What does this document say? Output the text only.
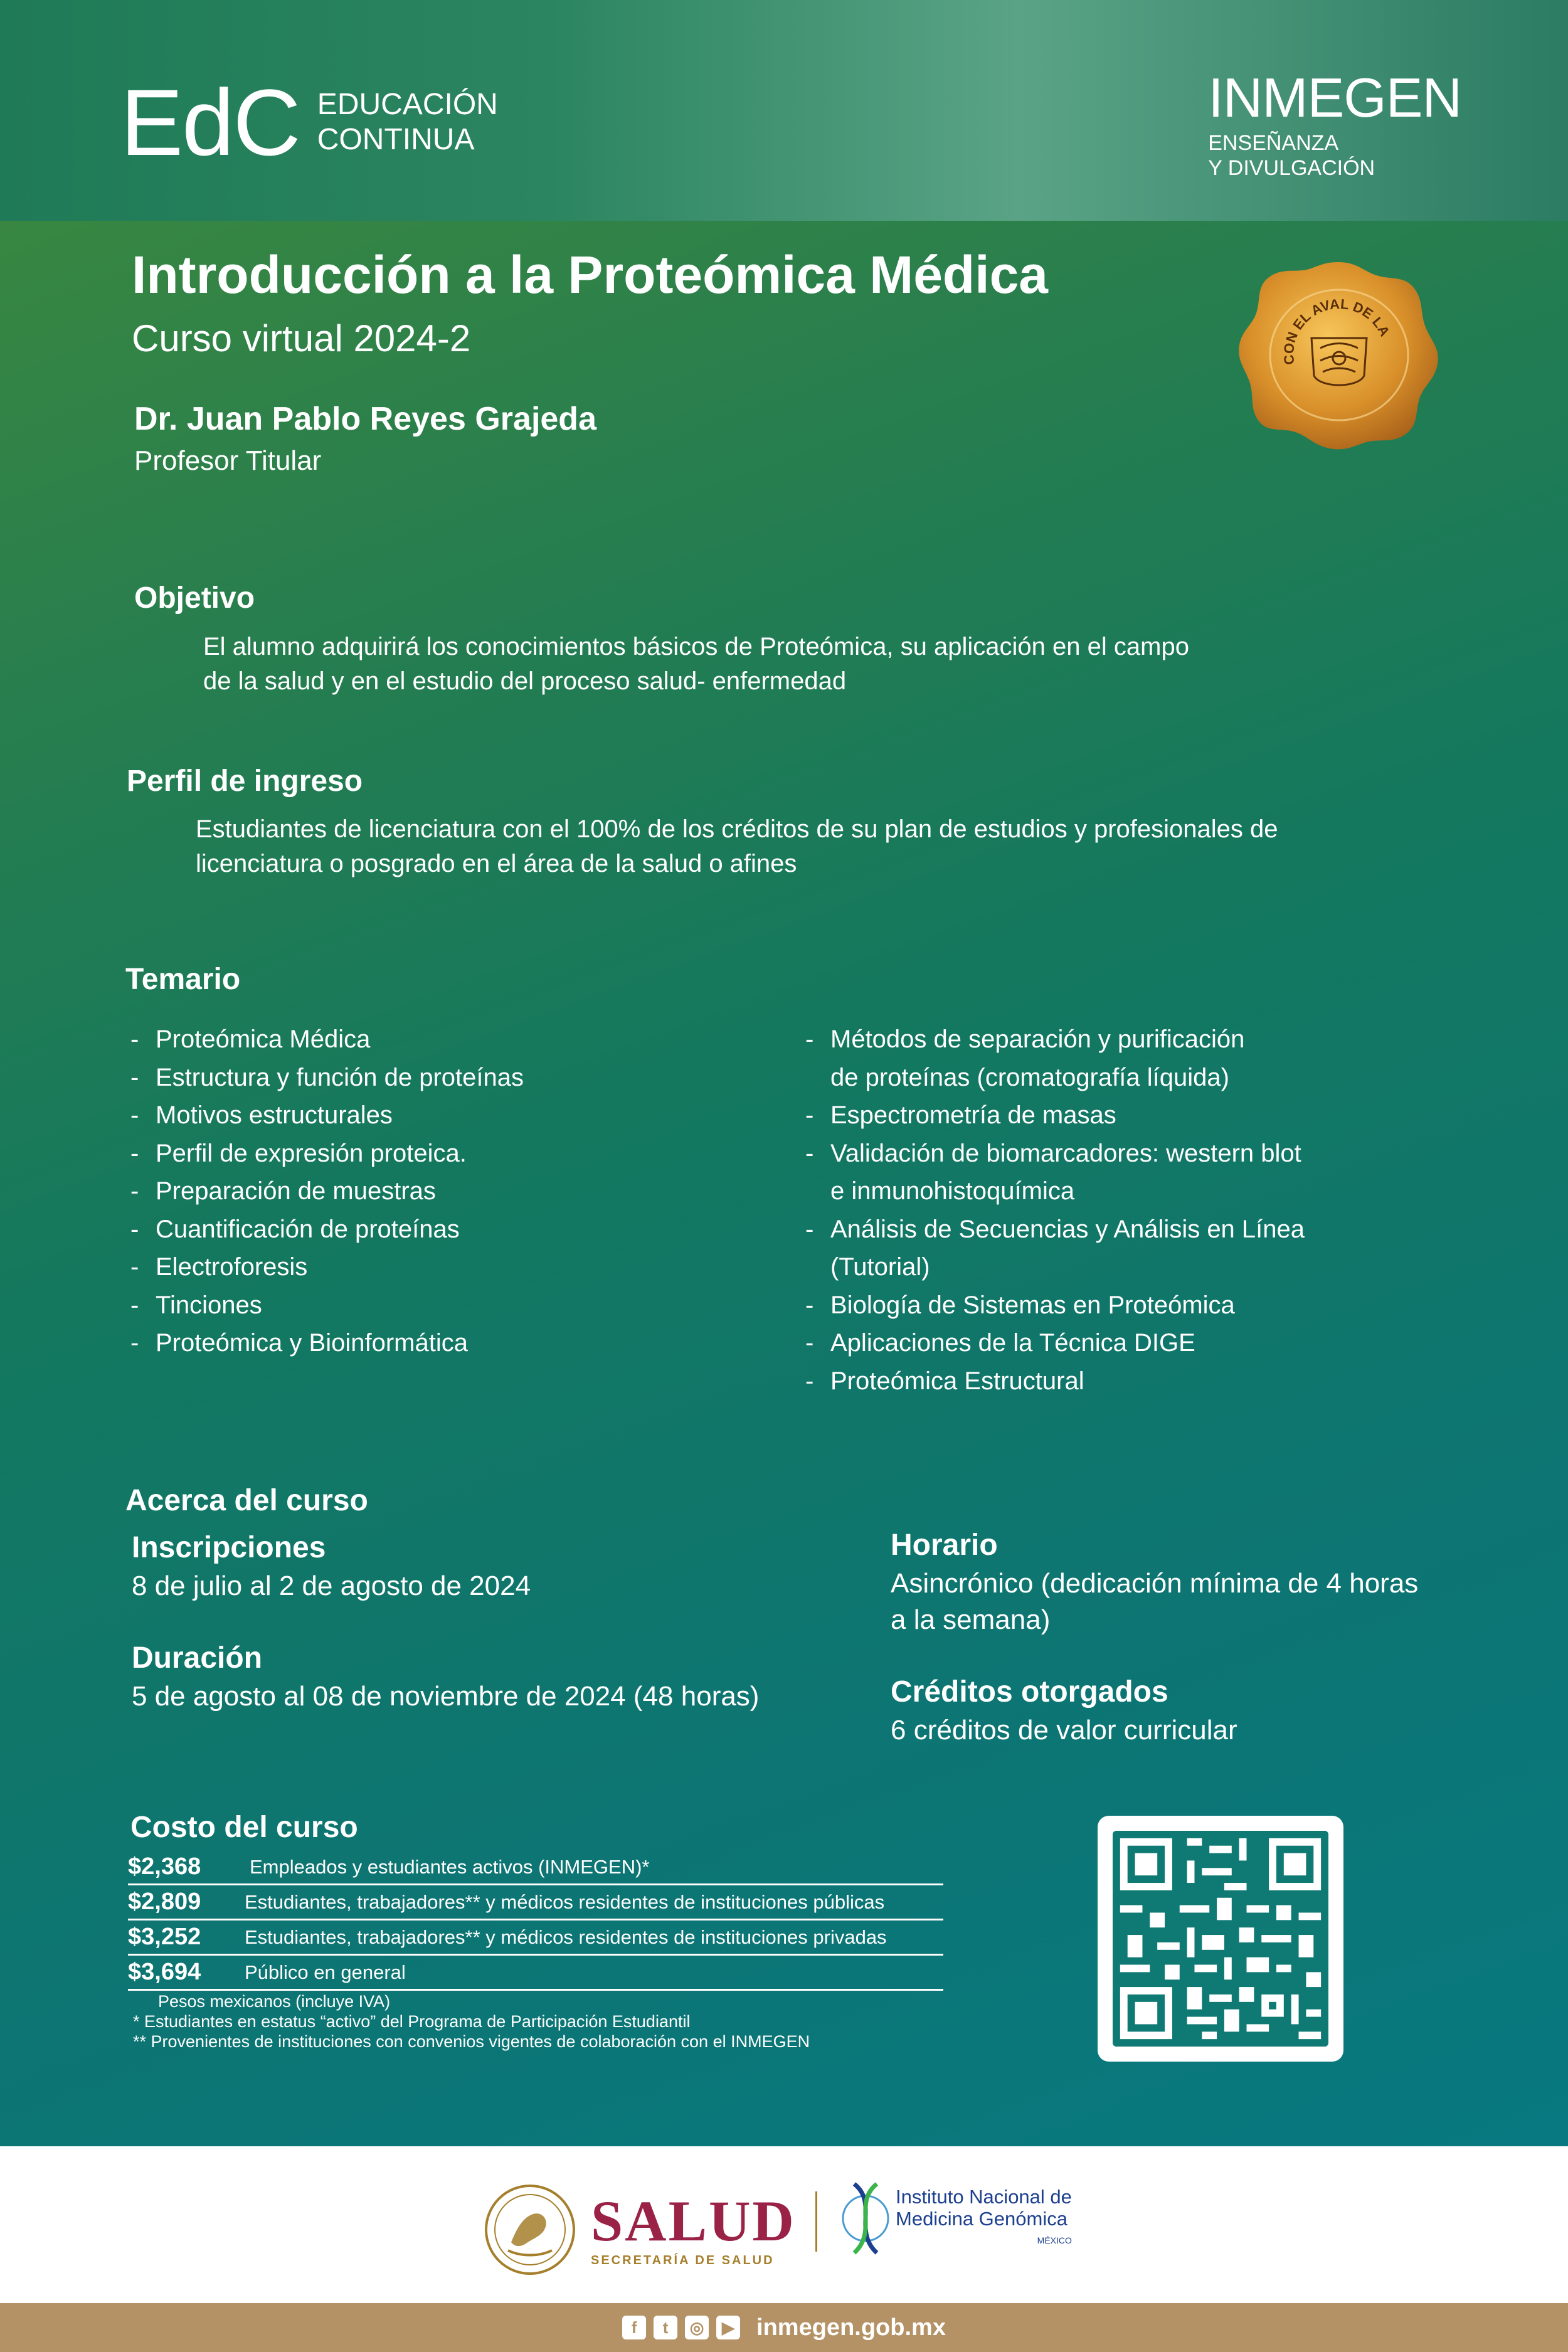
EdC EDUCACIÓN
CONTINUA
INMEGEN
ENSEÑANZA
Y DIVULGACIÓN
Introducción a la Proteómica Médica
Curso virtual 2024-2
Dr. Juan Pablo Reyes Grajeda
Profesor Titular
CON EL AVAL DE LA
Objetivo
El alumno adquirirá los conocimientos básicos de Proteómica, su aplicación en el campo
de la salud y en el estudio del proceso salud- enfermedad
Perfil de ingreso
Estudiantes de licenciatura con el 100% de los créditos de su plan de estudios y profesionales de
licenciatura o posgrado en el área de la salud o afines
Temario
- Proteómica Médica
- Estructura y función de proteínas
- Motivos estructurales
- Perfil de expresión proteica.
- Preparación de muestras
- Cuantificación de proteínas
- Electroforesis
- Tinciones
- Proteómica y Bioinformática
- Métodos de separación y purificación
de proteínas (cromatografía líquida)
- Espectrometría de masas
- Validación de biomarcadores: western blot
e inmunohistoquímica
- Análisis de Secuencias y Análisis en Línea
(Tutorial)
- Biología de Sistemas en Proteómica
- Aplicaciones de la Técnica DIGE
- Proteómica Estructural
Acerca del curso
Inscripciones
8 de julio al 2 de agosto de 2024
Duración
5 de agosto al 08 de noviembre de 2024 (48 horas)
Horario
Asincrónico (dedicación mínima de 4 horas
a la semana)
Créditos otorgados
6 créditos de valor curricular
Costo del curso
$2,368	Empleados y estudiantes activos (INMEGEN)*
$2,809	Estudiantes, trabajadores** y médicos residentes de instituciones públicas
$3,252	Estudiantes, trabajadores** y médicos residentes de instituciones privadas
$3,694	Público en general
Pesos mexicanos (incluye IVA)
* Estudiantes en estatus “activo” del Programa de Participación Estudiantil
** Provenientes de instituciones con convenios vigentes de colaboración con el INMEGEN
SALUD
SECRETARÍA DE SALUD
Instituto Nacional de
Medicina Genómica
MÉXICO
f	t	◎	▶ inmegen.gob.mx
